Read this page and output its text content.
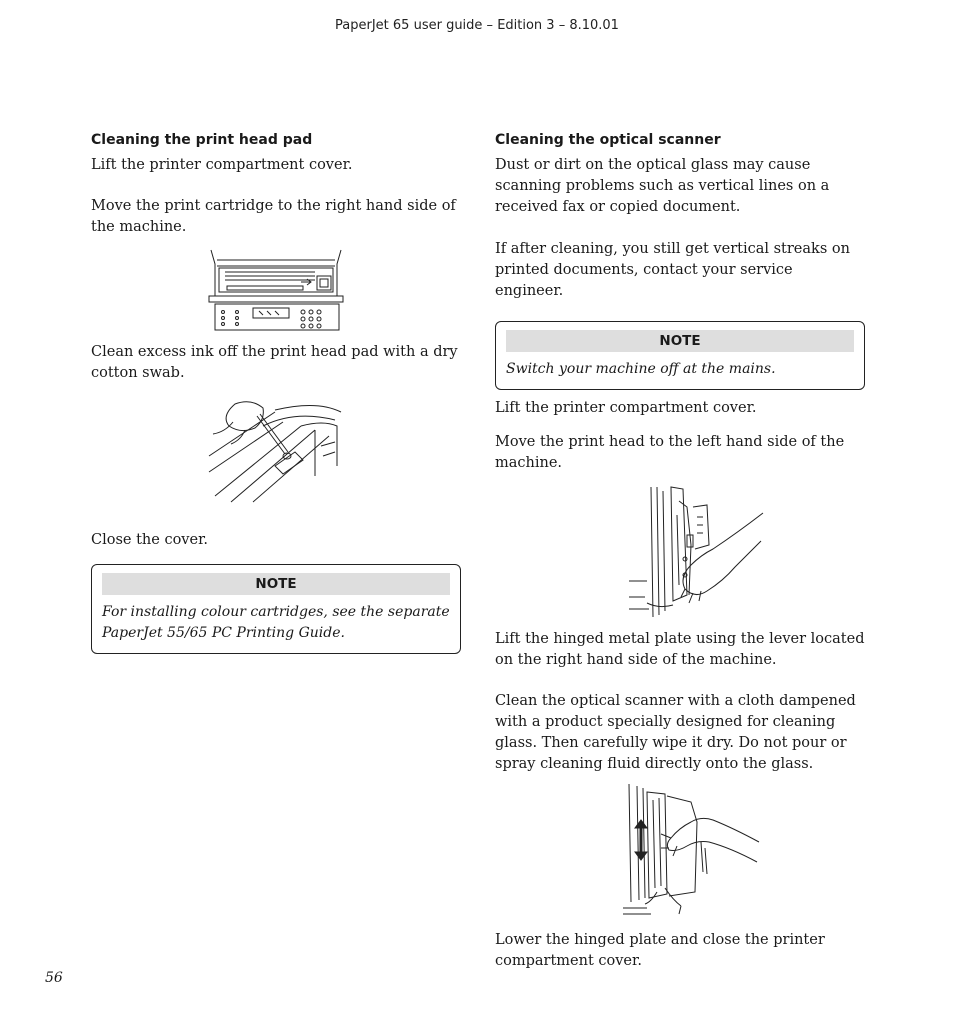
PaperJet 65 user guide – Edition 3 – 8.10.01
Cleaning the print head pad

Lift the printer compartment cover.

Move the print cartridge to the right hand side of the machine.

Clean excess ink off the print head pad with a dry cotton swab.

Close the cover.

NOTE
For installing colour cartridges, see the separate PaperJet 55/65 PC Printing Guide.
Cleaning the optical scanner

Dust or dirt on the optical glass may cause scanning problems such as vertical lines on a received fax or copied document.

If after cleaning, you still get vertical streaks on printed documents, contact your service engineer.

NOTE
Switch your machine off at the mains.

Lift the printer compartment cover.

Move the print head to the left hand side of the machine.

Lift the hinged metal plate using the lever located on the right hand side of the machine.

Clean the optical scanner with a cloth dampened with a product specially designed for cleaning glass. Then carefully wipe it dry. Do not pour or spray cleaning fluid directly onto the glass.

Lower the hinged plate and close the printer compartment cover.

56
